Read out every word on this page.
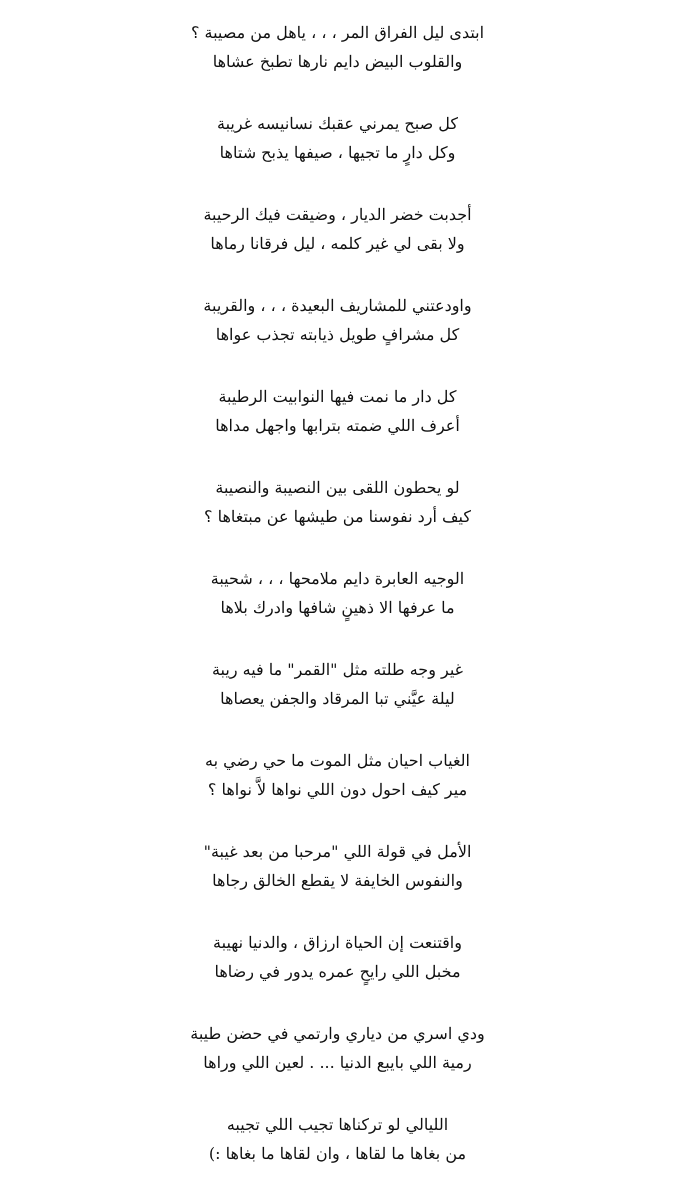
ابتدى ليل الفراق المر ، ، ، ياهل من مصيبة ؟
والقلوب البيض دايم نارها تطبخ عشاها
كل صبح يمرني عقبك نسانيسه غريبة
وكل دارٍ ما تجيها ، صيفها يذبح شتاها
أجدبت خضر الديار ، وضيقت فيك الرحيبة
ولا بقى لي غير كلمه ، ليل فرقانا رماها
واودعتني للمشاريف البعيدة ، ، ، والقريبة
كل مشرافٍ طويل ذيابته تجذب عواها
كل دار ما نمت فيها النوابيت الرطيبة
أعرف اللي ضمته بترابها واجهل مداها
لو يحطون اللقى بين النصيبة والنصيبة
كيف أرد نفوسنا من طيشها عن مبتغاها ؟
الوجيه العابرة دايم ملامحها ، ، ، شحيبة
ما عرفها الا ذهينٍ شافها وادرك بلاها
غير وجه طلته مثل "القمر" ما فيه ريبة
ليلة عيَّني تبا المرقاد والجفن يعصاها
الغياب احيان مثل الموت ما حي رضي به
مير كيف احول دون اللي نواها لاَّ نواها ؟
الأمل في قولة اللي "مرحبا من بعد غيبة"
والنفوس الخايفة لا يقطع الخالق رجاها
واقتنعت إن الحياة ارزاق ، والدنيا نهيبة
مخبل اللي رايحٍ عمره يدور في رضاها
ودي اسري من دياري وارتمي في حضن طيبة
رمية اللي بايبع الدنيا ... . لعين اللي وراها
الليالي لو تركناها تجيب اللي تجيبه
من بغاها ما لقاها ، وان لقاها ما بغاها :)
